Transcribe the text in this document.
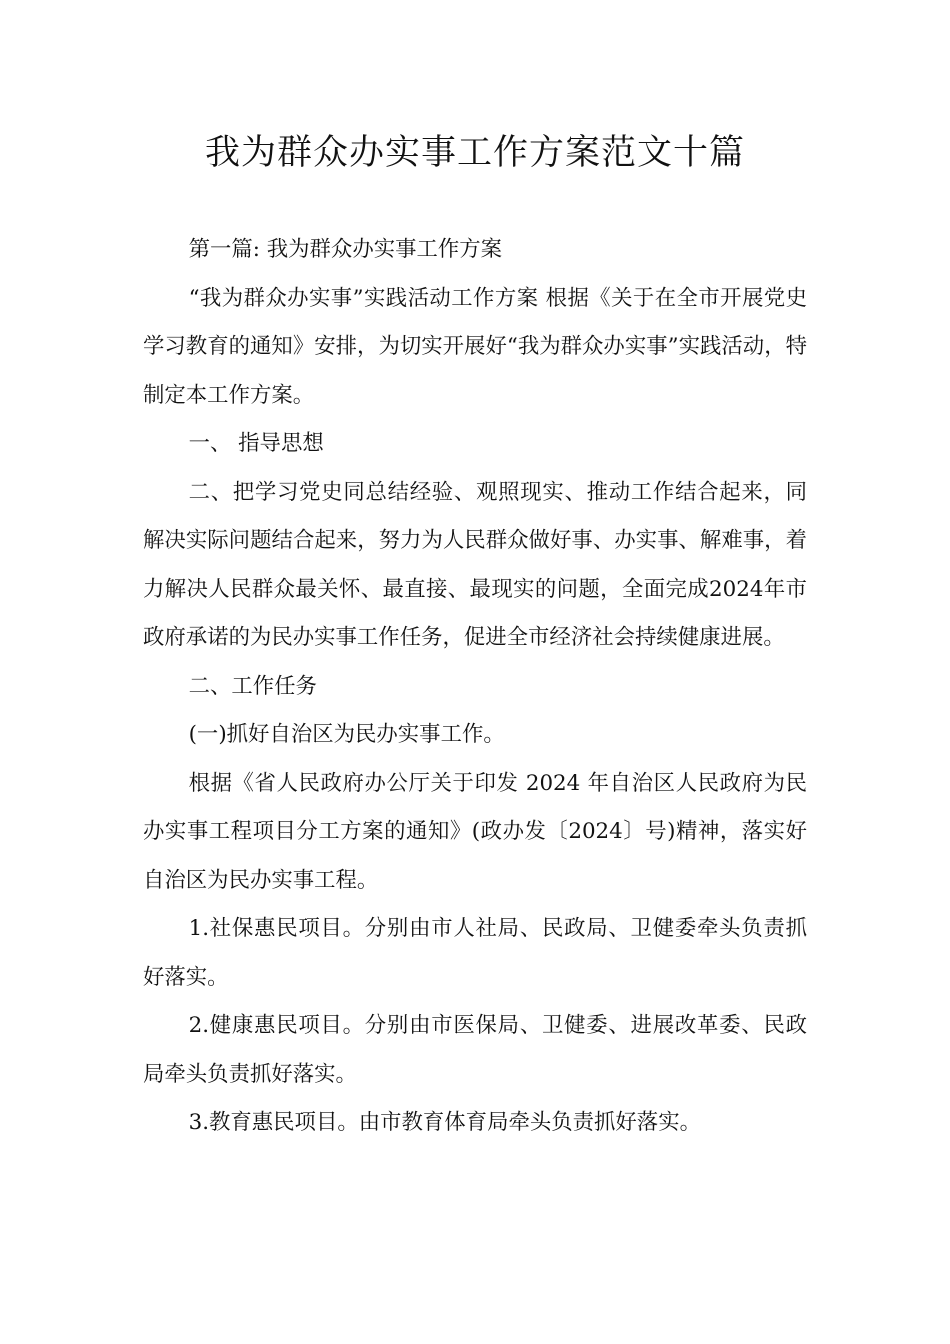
我为群众办实事工作方案范文十篇

第一篇: 我为群众办实事工作方案

“我为群众办实事”实践活动工作方案 根据《关于在全市开展党史学习教育的通知》安排，为切实开展好“我为群众办实事”实践活动，特制定本工作方案。

一、 指导思想

二、把学习党史同总结经验、观照现实、推动工作结合起来，同解决实际问题结合起来，努力为人民群众做好事、办实事、解难事，着力解决人民群众最关怀、最直接、最现实的问题，全面完成2024年市政府承诺的为民办实事工作任务，促进全市经济社会持续健康进展。

二、工作任务

(一)抓好自治区为民办实事工作。

根据《省人民政府办公厅关于印发 2024 年自治区人民政府为民办实事工程项目分工方案的通知》(政办发〔2024〕号)精神，落实好自治区为民办实事工程。

1.社保惠民项目。分别由市人社局、民政局、卫健委牵头负责抓好落实。

2.健康惠民项目。分别由市医保局、卫健委、进展改革委、民政局牵头负责抓好落实。

3.教育惠民项目。由市教育体育局牵头负责抓好落实。
